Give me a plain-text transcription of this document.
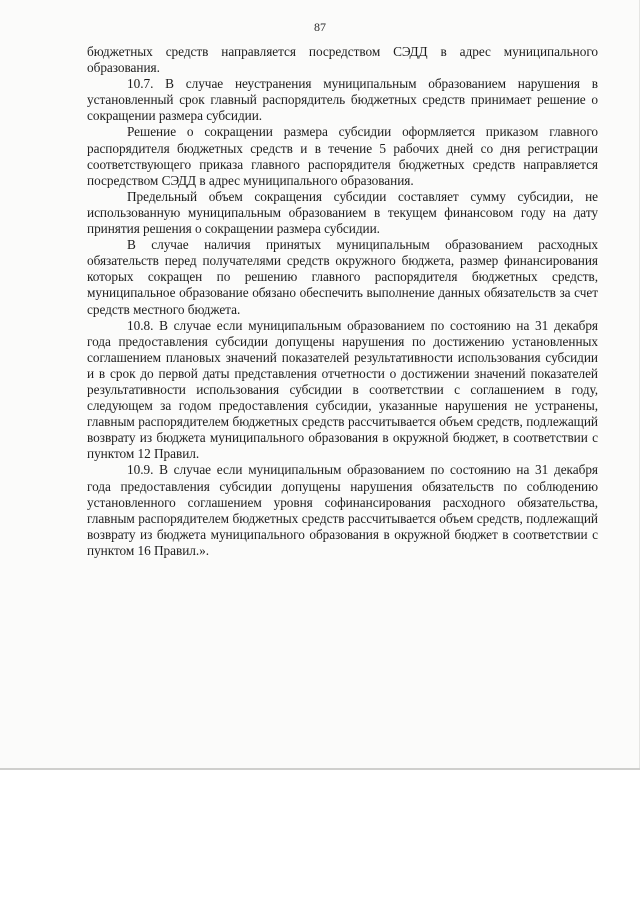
87

бюджетных средств направляется посредством СЭДД в адрес муниципального образования.

10.7. В случае неустранения муниципальным образованием нарушения в установленный срок главный распорядитель бюджетных средств принимает решение о сокращении размера субсидии.

Решение о сокращении размера субсидии оформляется приказом главного распорядителя бюджетных средств и в течение 5 рабочих дней со дня регистрации соответствующего приказа главного распорядителя бюджетных средств направляется посредством СЭДД в адрес муниципального образования.

Предельный объем сокращения субсидии составляет сумму субсидии, не использованную муниципальным образованием в текущем финансовом году на дату принятия решения о сокращении размера субсидии.

В случае наличия принятых муниципальным образованием расходных обязательств перед получателями средств окружного бюджета, размер финансирования которых сокращен по решению главного распорядителя бюджетных средств, муниципальное образование обязано обеспечить выполнение данных обязательств за счет средств местного бюджета.

10.8. В случае если муниципальным образованием по состоянию на 31 декабря года предоставления субсидии допущены нарушения по достижению установленных соглашением плановых значений показателей результативности использования субсидии и в срок до первой даты представления отчетности о достижении значений показателей результативности использования субсидии в соответствии с соглашением в году, следующем за годом предоставления субсидии, указанные нарушения не устранены, главным распорядителем бюджетных средств рассчитывается объем средств, подлежащий возврату из бюджета муниципального образования в окружной бюджет, в соответствии с пунктом 12 Правил.

10.9. В случае если муниципальным образованием по состоянию на 31 декабря года предоставления субсидии допущены нарушения обязательств по соблюдению установленного соглашением уровня софинансирования расходного обязательства, главным распорядителем бюджетных средств рассчитывается объем средств, подлежащий возврату из бюджета муниципального образования в окружной бюджет в соответствии с пунктом 16 Правил.».
